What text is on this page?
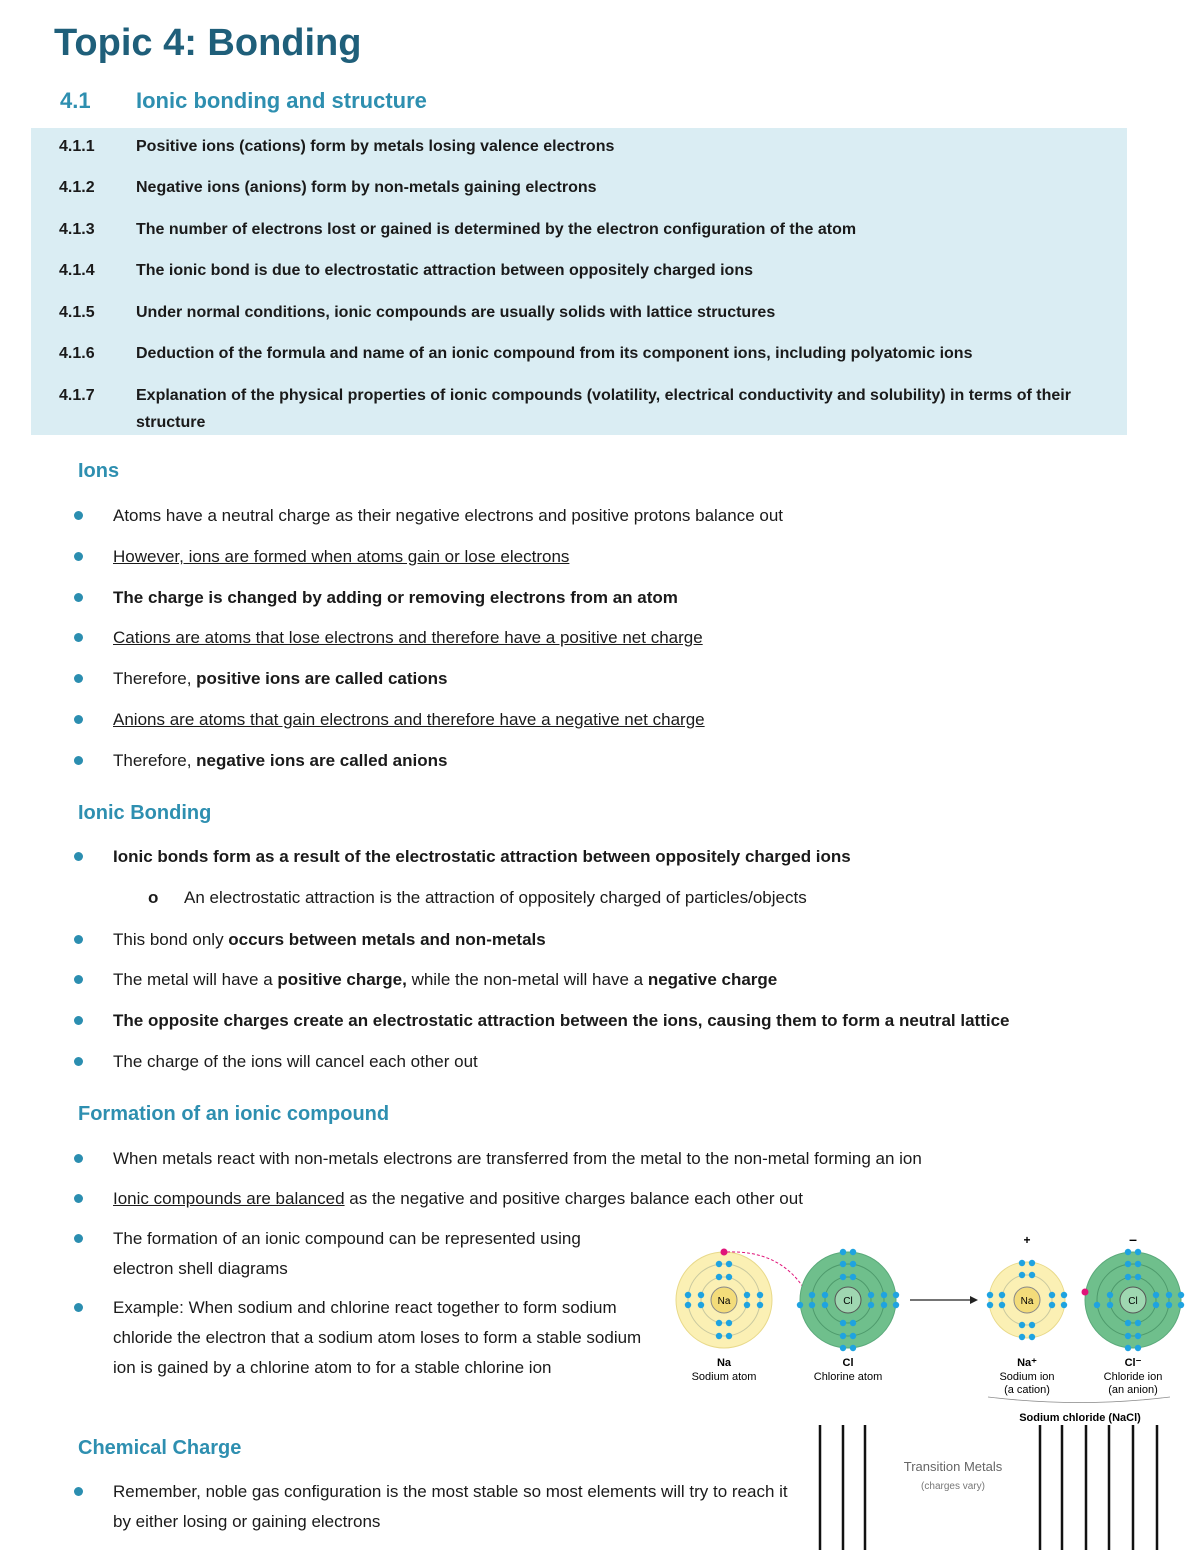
Topic 4: Bonding
4.1 Ionic bonding and structure
4.1.1	Positive ions (cations) form by metals losing valence electrons
4.1.2	Negative ions (anions) form by non-metals gaining electrons
4.1.3	The number of electrons lost or gained is determined by the electron configuration of the atom
4.1.4	The ionic bond is due to electrostatic attraction between oppositely charged ions
4.1.5	Under normal conditions, ionic compounds are usually solids with lattice structures
4.1.6	Deduction of the formula and name of an ionic compound from its component ions, including polyatomic ions
4.1.7	Explanation of the physical properties of ionic compounds (volatility, electrical conductivity and solubility) in terms of their structure
Ions
Atoms have a neutral charge as their negative electrons and positive protons balance out
However, ions are formed when atoms gain or lose electrons
The charge is changed by adding or removing electrons from an atom
Cations are atoms that lose electrons and therefore have a positive net charge
Therefore, positive ions are called cations
Anions are atoms that gain electrons and therefore have a negative net charge
Therefore, negative ions are called anions
Ionic Bonding
Ionic bonds form as a result of the electrostatic attraction between oppositely charged ions
o An electrostatic attraction is the attraction of oppositely charged of particles/objects
This bond only occurs between metals and non-metals
The metal will have a positive charge, while the non-metal will have a negative charge
The opposite charges create an electrostatic attraction between the ions, causing them to form a neutral lattice
The charge of the ions will cancel each other out
Formation of an ionic compound
When metals react with non-metals electrons are transferred from the metal to the non-metal forming an ion
Ionic compounds are balanced as the negative and positive charges balance each other out
The formation of an ionic compound can be represented using electron shell diagrams
Example: When sodium and chlorine react together to form sodium chloride the electron that a sodium atom loses to form a stable sodium ion is gained by a chlorine atom to for a stable chlorine ion
Chemical Charge
Remember, noble gas configuration is the most stable so most elements will try to reach it by either losing or gaining electrons
Na	Cl
+
Na
–
Cl
Na
Sodium atom
Cl
Chlorine atom
Na⁺
Sodium ion
(a cation)
Cl⁻
Chloride ion
(an anion)
Sodium chloride (NaCl)
Transition Metals
(charges vary)
